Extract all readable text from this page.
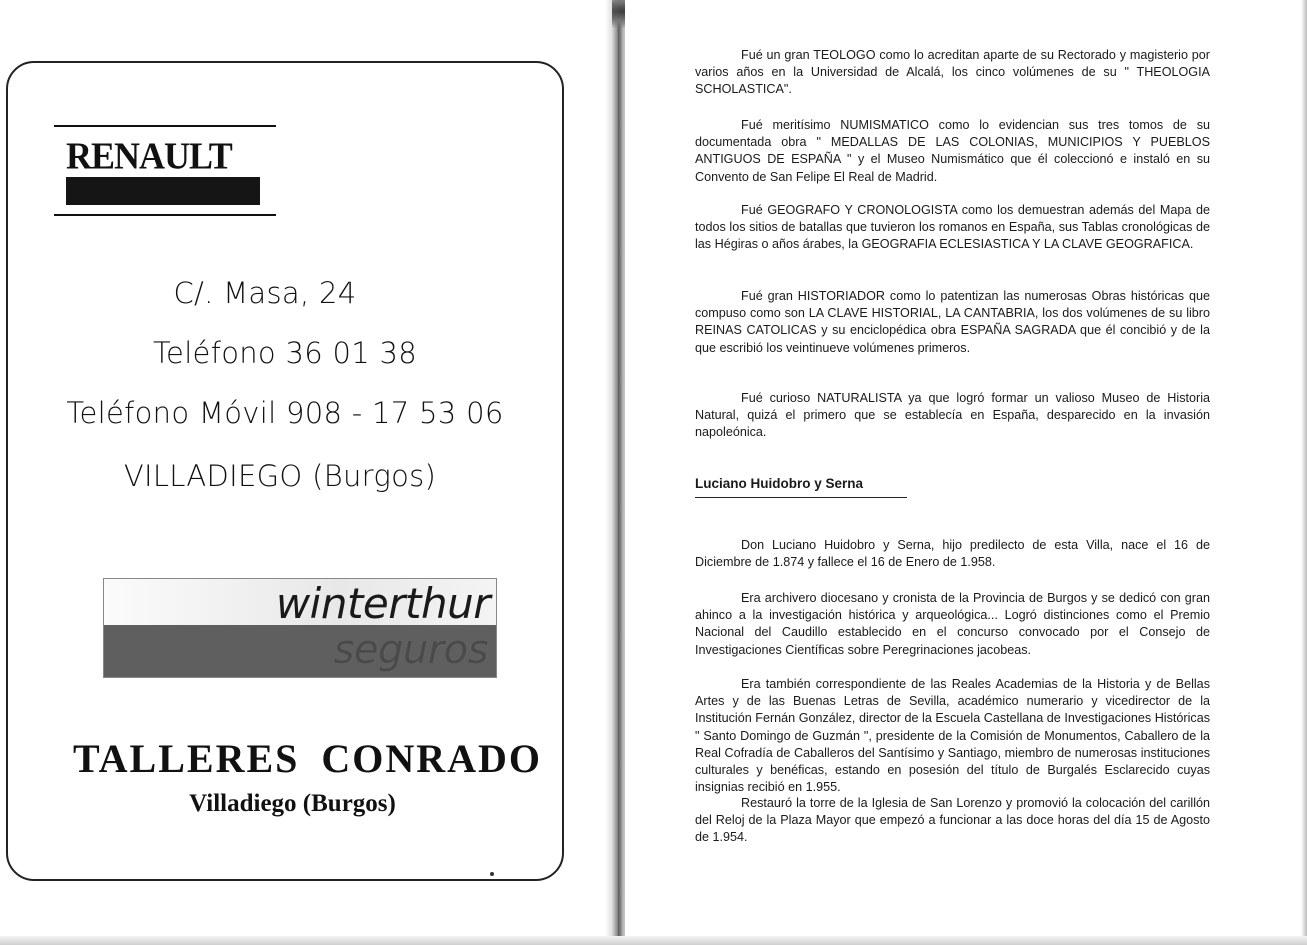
RENAULT
C/. Masa, 24
Teléfono 36 01 38
Teléfono Móvil 908 - 17 53 06
VILLADIEGO (Burgos)
winterthur
seguros
TALLERES CONRADO
Villadiego (Burgos)

Fué un gran TEOLOGO como lo acreditan aparte de su Rectorado y magisterio por varios años en la Universidad de Alcalá, los cinco volúmenes de su " THEOLOGIA SCHOLASTICA".

Fué meritísimo NUMISMATICO como lo evidencian sus tres tomos de su documentada obra " MEDALLAS DE LAS COLONIAS, MUNICIPIOS Y PUEBLOS ANTIGUOS DE ESPAÑA " y el Museo Numismático que él coleccionó e instaló en su Convento de San Felipe El Real de Madrid.

Fué GEOGRAFO Y CRONOLOGISTA como los demuestran además del Mapa de todos los sitios de batallas que tuvieron los romanos en España, sus Tablas cronológicas de las Hégiras o años árabes, la GEOGRAFIA ECLESIASTICA Y LA CLAVE GEOGRAFICA.

Fué gran HISTORIADOR como lo patentizan las numerosas Obras históricas que compuso como son LA CLAVE HISTORIAL, LA CANTABRIA, los dos volúmenes de su libro REINAS CATOLICAS y su enciclopédica obra ESPAÑA SAGRADA que él concibió y de la que escribió los veintinueve volúmenes primeros.

Fué curioso NATURALISTA ya que logró formar un valioso Museo de Historia Natural, quizá el primero que se establecía en España, desparecido en la invasión napoleónica.

Luciano Huidobro y Serna

Don Luciano Huidobro y Serna, hijo predilecto de esta Villa, nace el 16 de Diciembre de 1.874 y fallece el 16 de Enero de 1.958.

Era archivero diocesano y cronista de la Provincia de Burgos y se dedicó con gran ahinco a la investigación histórica y arqueológica... Logró distinciones como el Premio Nacional del Caudillo establecido en el concurso convocado por el Consejo de Investigaciones Científicas sobre Peregrinaciones jacobeas.

Era también correspondiente de las Reales Academias de la Historia y de Bellas Artes y de las Buenas Letras de Sevilla, académico numerario y vicedirector de la Institución Fernán González, director de la Escuela Castellana de Investigaciones Históricas " Santo Domingo de Guzmán ", presidente de la Comisión de Monumentos, Caballero de la Real Cofradía de Caballeros del Santísimo y Santiago, miembro de numerosas instituciones culturales y benéficas, estando en posesión del título de Burgalés Esclarecido cuyas insignias recibió en 1.955.

Restauró la torre de la Iglesia de San Lorenzo y promovió la colocación del carillón del Reloj de la Plaza Mayor que empezó a funcionar a las doce horas del día 15 de Agosto de 1.954.
